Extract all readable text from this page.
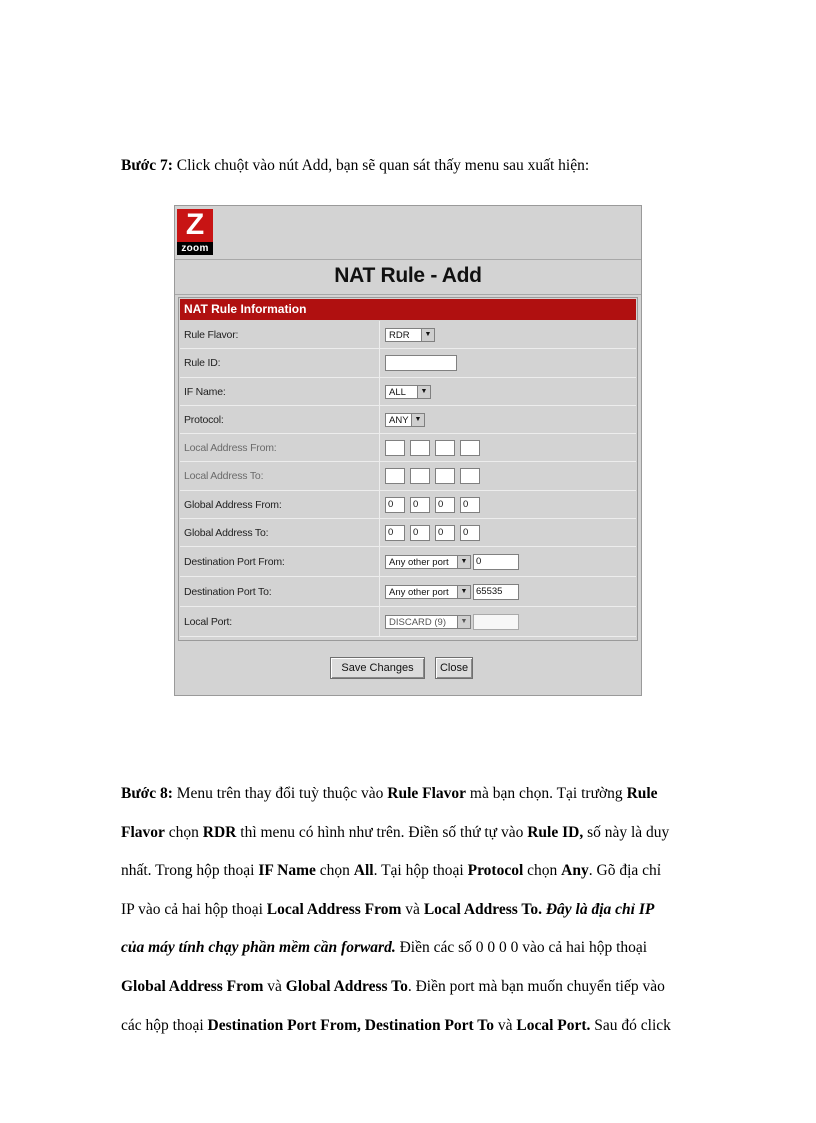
Bước 7: Click chuột vào nút Add, bạn sẽ quan sát thấy menu sau xuất hiện:
Z
zoom
NAT Rule - Add
NAT Rule Information
Rule Flavor:	RDR	▼
Rule ID:
IF Name:	ALL	▼
Protocol:	ANY ▼
Local Address From:
Local Address To:
Global Address From:	0	0	0	0
Global Address To:	0	0	0	0
Destination Port From:	Any other port	▼ 0
Destination Port To:	Any other port	▼ 65535
Local Port:	DISCARD (9)	▼
Save Changes	Close
Bước 8: Menu trên thay đổi tuỳ thuộc vào Rule Flavor mà bạn chọn. Tại trường Rule
Flavor chọn RDR thì menu có hình như trên. Điền số thứ tự vào Rule ID, số này là duy
nhất. Trong hộp thoại IF Name chọn All. Tại hộp thoại Protocol chọn Any. Gõ địa chỉ
IP vào cả hai hộp thoại Local Address From và Local Address To. Đây là địa chỉ IP
của máy tính chạy phần mềm cần forward. Điền các số 0 0 0 0 vào cả hai hộp thoại
Global Address From và Global Address To. Điền port mà bạn muốn chuyển tiếp vào
các hộp thoại Destination Port From, Destination Port To và Local Port. Sau đó click
